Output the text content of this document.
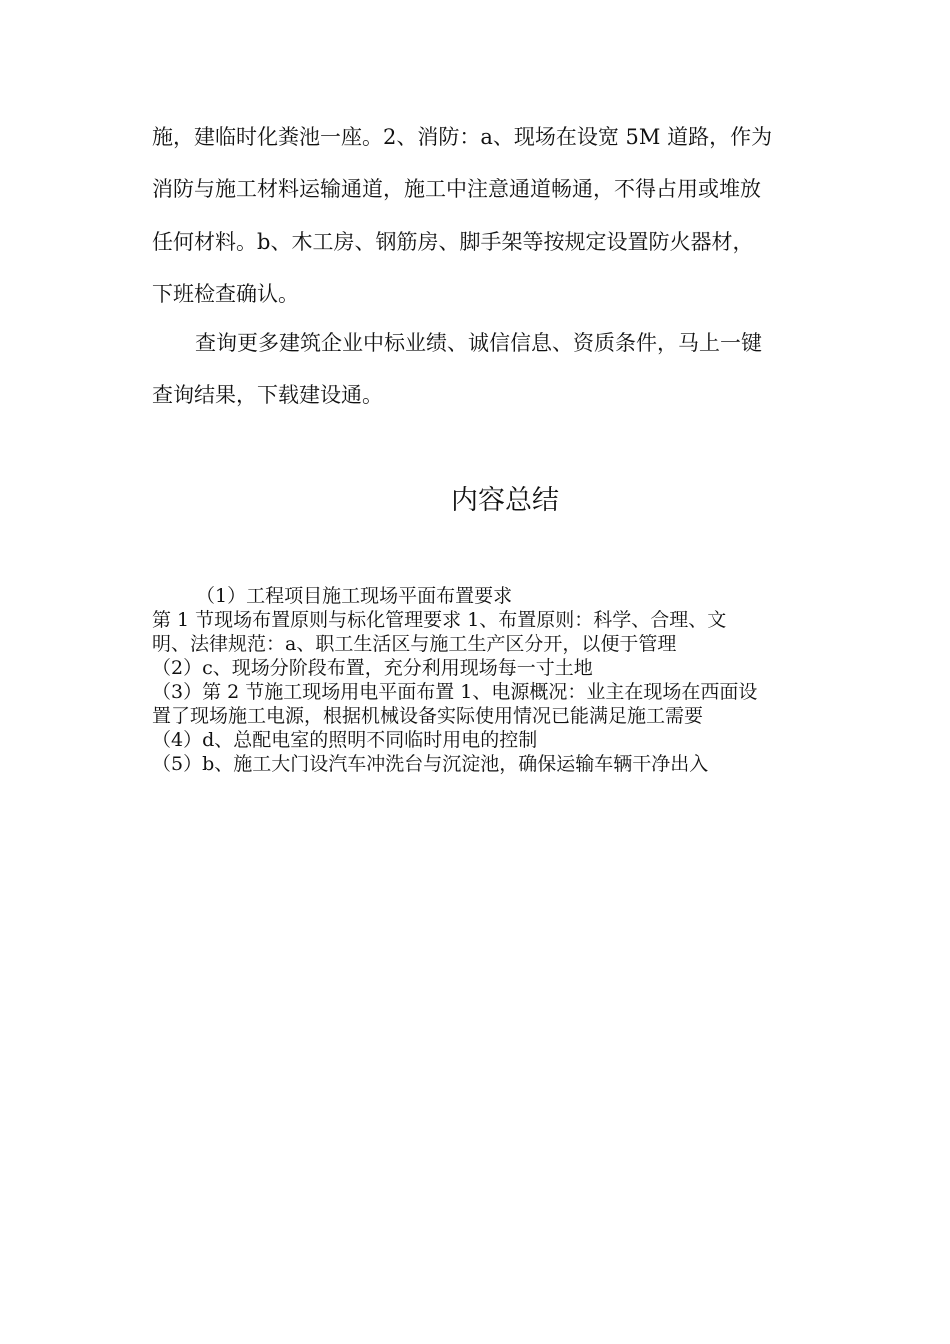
施，建临时化粪池一座。2、消防：a、现场在设宽 5M 道路，作为
消防与施工材料运输通道，施工中注意通道畅通，不得占用或堆放
任何材料。b、木工房、钢筋房、脚手架等按规定设置防火器材，
下班检查确认。
查询更多建筑企业中标业绩、诚信信息、资质条件，马上一键
查询结果，下载建设通。
内容总结
（1）工程项目施工现场平面布置要求
第 1 节现场布置原则与标化管理要求 1、布置原则：科学、合理、文
明、法律规范：a、职工生活区与施工生产区分开，以便于管理
（2）c、现场分阶段布置，充分利用现场每一寸土地
（3）第 2 节施工现场用电平面布置 1、电源概况：业主在现场在西面设
置了现场施工电源，根据机械设备实际使用情况已能满足施工需要
（4）d、总配电室的照明不同临时用电的控制
（5）b、施工大门设汽车冲洗台与沉淀池，确保运输车辆干净出入
